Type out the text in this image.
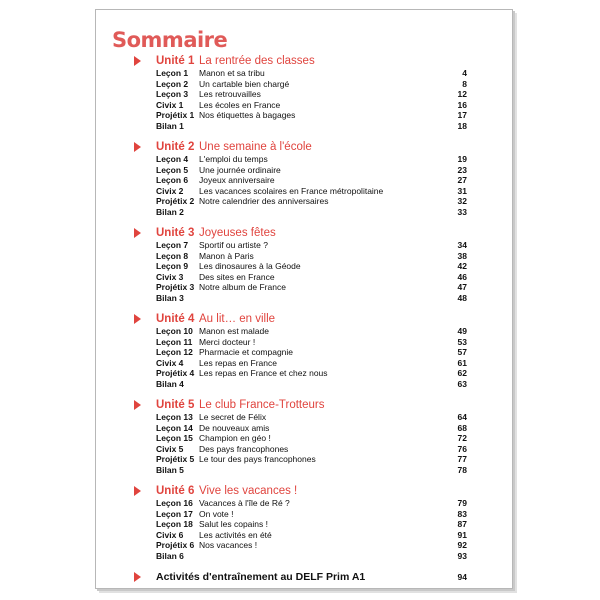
Sommaire
Unité 1 La rentrée des classes
Leçon 1 Manon et sa tribu	4
Leçon 2 Un cartable bien chargé	8
Leçon 3 Les retrouvailles	12
Civix 1 Les écoles en France	16
Projétix 1 Nos étiquettes à bagages	17
Bilan 1	18
Unité 2 Une semaine à l'école
Leçon 4 L'emploi du temps	19
Leçon 5 Une journée ordinaire	23
Leçon 6 Joyeux anniversaire	27
Civix 2 Les vacances scolaires en France métropolitaine	31
Projétix 2 Notre calendrier des anniversaires	32
Bilan 2	33
Unité 3 Joyeuses fêtes
Leçon 7 Sportif ou artiste ?	34
Leçon 8 Manon à Paris	38
Leçon 9 Les dinosaures à la Géode	42
Civix 3 Des sites en France	46
Projétix 3 Notre album de France	47
Bilan 3	48
Unité 4 Au lit… en ville
Leçon 10 Manon est malade	49
Leçon 11 Merci docteur !	53
Leçon 12 Pharmacie et compagnie	57
Civix 4 Les repas en France	61
Projétix 4 Les repas en France et chez nous	62
Bilan 4	63
Unité 5 Le club France-Trotteurs
Leçon 13 Le secret de Félix	64
Leçon 14 De nouveaux amis	68
Leçon 15 Champion en géo !	72
Civix 5 Des pays francophones	76
Projétix 5 Le tour des pays francophones	77
Bilan 5	78
Unité 6 Vive les vacances !
Leçon 16 Vacances à l'île de Ré ?	79
Leçon 17 On vote !	83
Leçon 18 Salut les copains !	87
Civix 6 Les activités en été	91
Projétix 6 Nos vacances !	92
Bilan 6	93
Activités d'entraînement au DELF Prim A1	94
